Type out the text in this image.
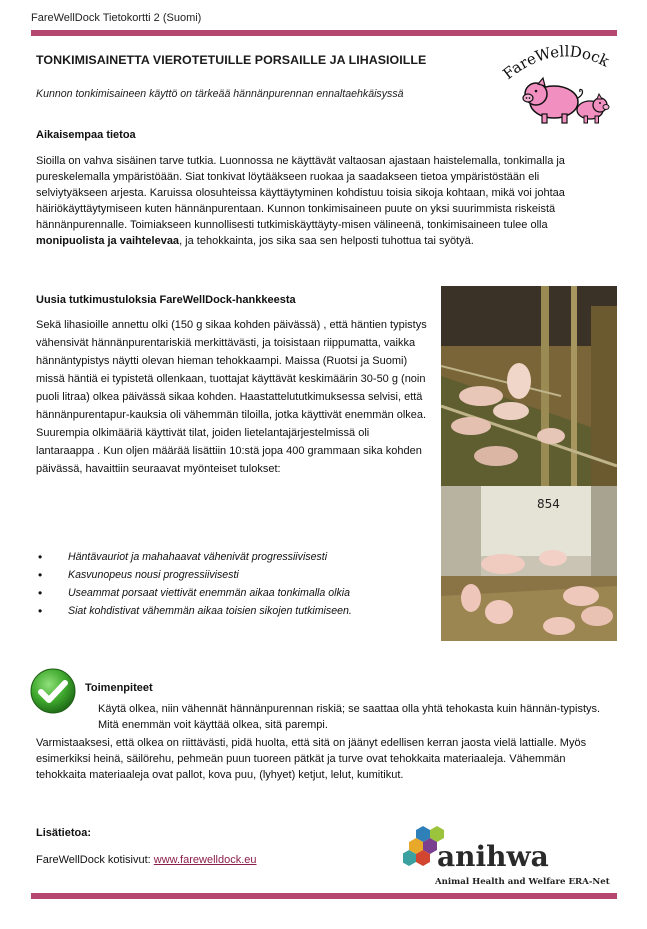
FareWellDock Tietokortti 2 (Suomi)
TONKIMISAINETTA VIEROTETUILLE PORSAILLE JA LIHASIOILLE
Kunnon tonkimisaineen käyttö on tärkeää hännänpurennan ennaltaehkäisyssä
FareWellDock
Aikaisempaa tietoa
Sioilla on vahva sisäinen tarve tutkia. Luonnossa ne käyttävät valtaosan ajastaan haistelemalla, tonkimalla ja pureskelemalla ympäristöään. Siat tonkivat löytääkseen ruokaa ja saadakseen tietoa ympäristöstään eli selviytyäkseen arjesta. Karuissa olosuhteissa käyttäytyminen kohdistuu toisia sikoja kohtaan, mikä voi johtaa häiriökäyttäytymiseen kuten hännänpurentaan. Kunnon tonkimisaineen puute on yksi suurimmista riskeistä hännänpurennalle. Toimiakseen kunnollisesti tutkimiskäyttäyty-misen välineenä, tonkimisaineen tulee olla monipuolista ja vaihtelevaa, ja tehokkainta, jos sika saa sen helposti tuhottua tai syötyä.
Uusia tutkimustuloksia FareWellDock-hankkeesta
Sekä lihasioille annettu olki (150 g sikaa kohden päivässä) , että häntien typistys vähensivät hännänpurentariskiä merkittävästi, ja toisistaan riippumatta, vaikka hännäntypistys näytti olevan hieman tehokkaampi. Maissa (Ruotsi ja Suomi) missä häntiä ei typistetä ollenkaan, tuottajat käyttävät keskimäärin 30-50 g (noin puoli litraa) olkea päivässä sikaa kohden. Haastattelututkimuksessa selvisi, että hännänpurentapur-kauksia oli vähemmän tiloilla, jotka käyttivät enemmän olkea. Suurempia olkimääriä käyttivät tilat, joiden lietelantajärjestelmissä oli lantaraappa . Kun oljen määrää lisättiin 10:stä jopa 400 grammaan sika kohden päivässä, havaittiin seuraavat myönteiset tulokset:
• Häntävauriot ja mahahaavat vähenivät progressiivisesti
• Kasvunopeus nousi progressiivisesti
• Useammat porsaat viettivät enemmän aikaa tonkimalla olkia
• Siat kohdistivat vähemmän aikaa toisien sikojen tutkimiseen.
854
Toimenpiteet
Käytä olkea, niin vähennät hännänpurennan riskiä; se saattaa olla yhtä tehokasta kuin hännän-typistys. Mitä enemmän voit käyttää olkea, sitä parempi.
Varmistaaksesi, että olkea on riittävästi, pidä huolta, että sitä on jäänyt edellisen kerran jaosta vielä lattialle. Myös esimerkiksi heinä, säilörehu, pehmeän puun tuoreen pätkät ja turve ovat tehokkaita materiaaleja. Vähemmän tehokkaita materiaaleja ovat pallot, kova puu, (lyhyet) ketjut, lelut, kumitikut.
Lisätietoa:
FareWellDock kotisivut: www.farewelldock.eu	anihwa
Animal Health and Welfare ERA-Net
